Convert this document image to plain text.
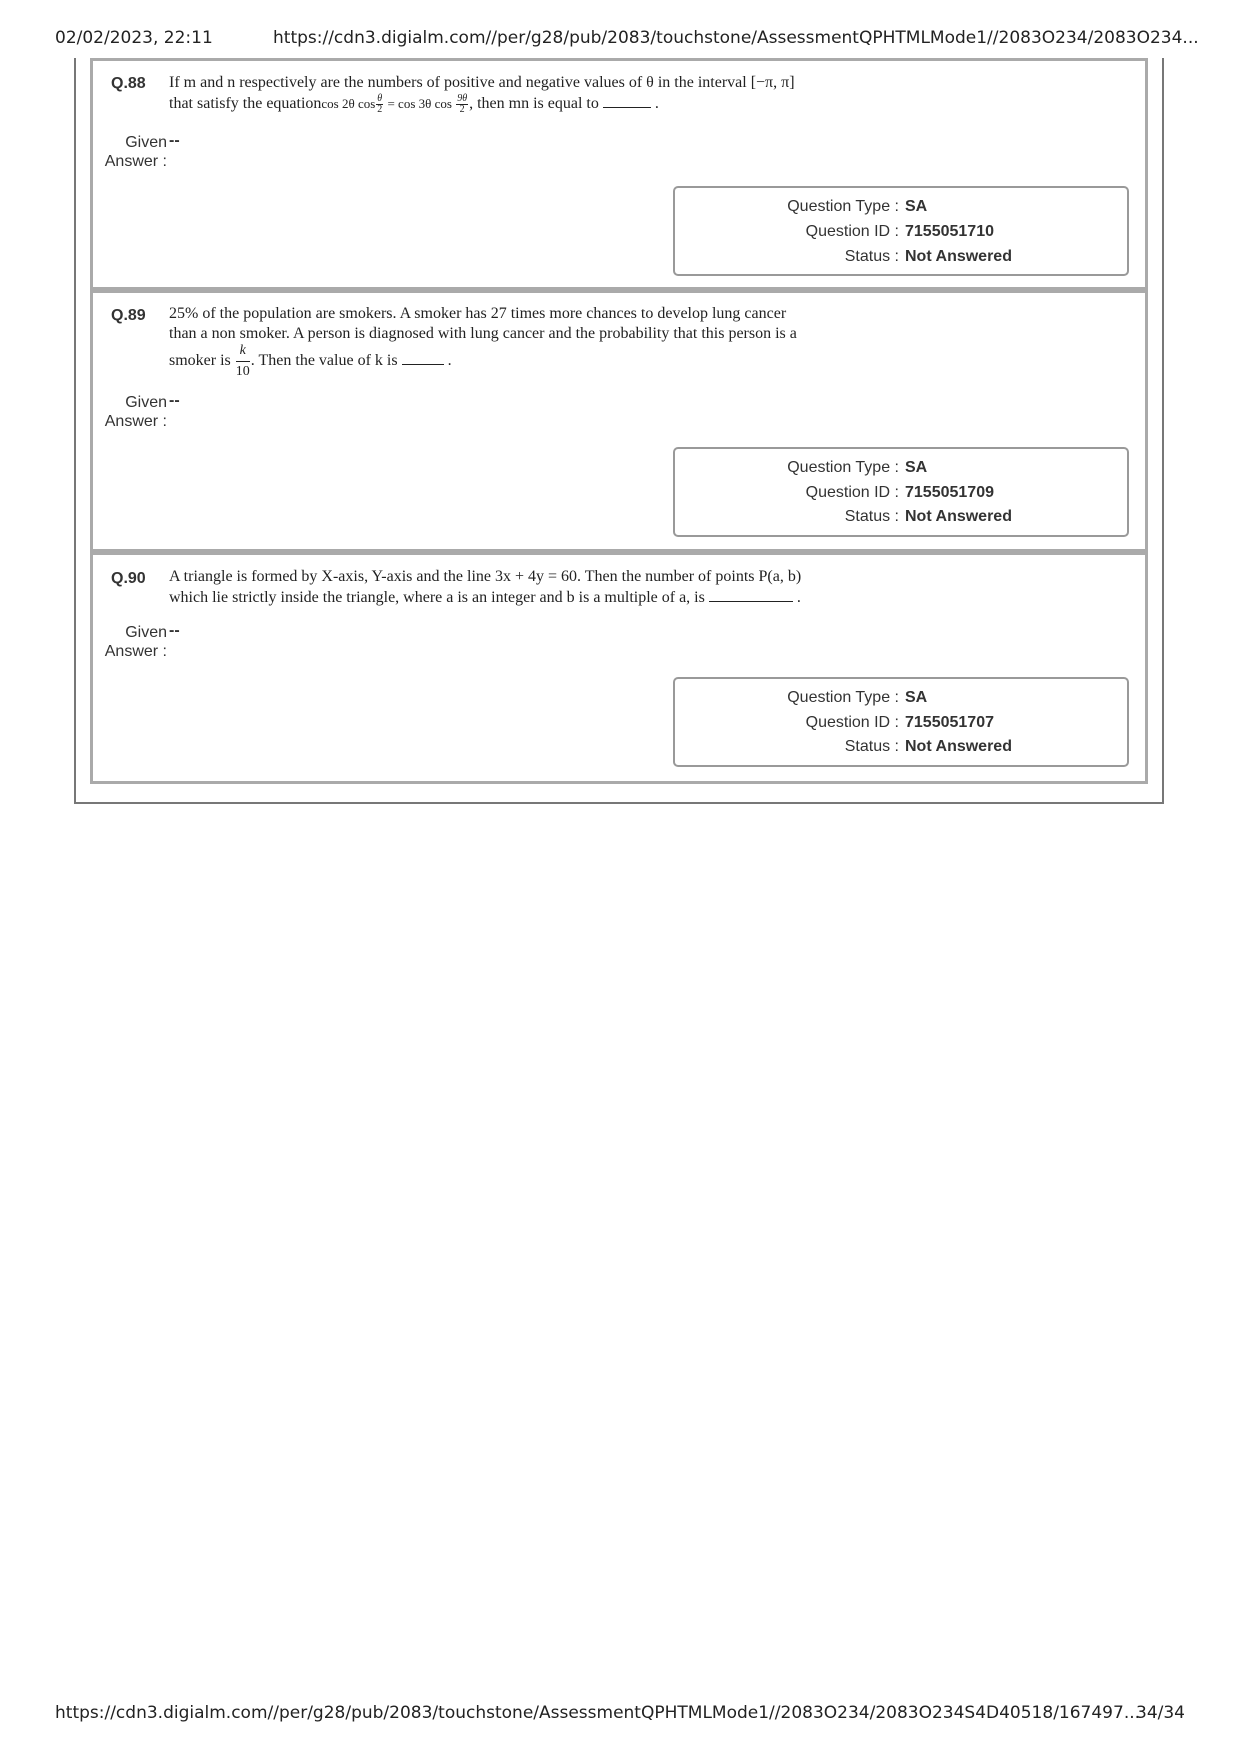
02/02/2023, 22:11	https://cdn3.digialm.com//per/g28/pub/2083/touchstone/AssessmentQPHTMLMode1//2083O234/2083O234...
Q.88 If m and n respectively are the numbers of positive and negative values of θ in the interval [−π, π]
that satisfy the equationcos 2θ $\cos \frac{\theta}{2} = \cos 3\theta$ $\cos \frac{9\theta}{2}$ , then mn is equal to	.
Given
Answer :
--
Question Type : SA
Question ID : 7155051710
Status : Not Answered
Q.89 25% of the population are smokers. A smoker has 27 times more chances to develop lung cancer
than a non smoker. A person is diagnosed with lung cancer and the probability that this person is a
smoker is $\frac{k}{10}$ . Then the value of k is	.
Given
Answer :
--
Question Type : SA
Question ID : 7155051709
Status : Not Answered
Q.90 A triangle is formed by X-axis, Y-axis and the line 3x + 4y = 60. Then the number of points P(a, b)
which lie strictly inside the triangle, where a is an integer and b is a multiple of a, is	.
Given
Answer :
--
Question Type : SA
Question ID : 7155051707
Status : Not Answered
https://cdn3.digialm.com//per/g28/pub/2083/touchstone/AssessmentQPHTMLMode1//2083O234/2083O234S4D40518/167497...
34/34
